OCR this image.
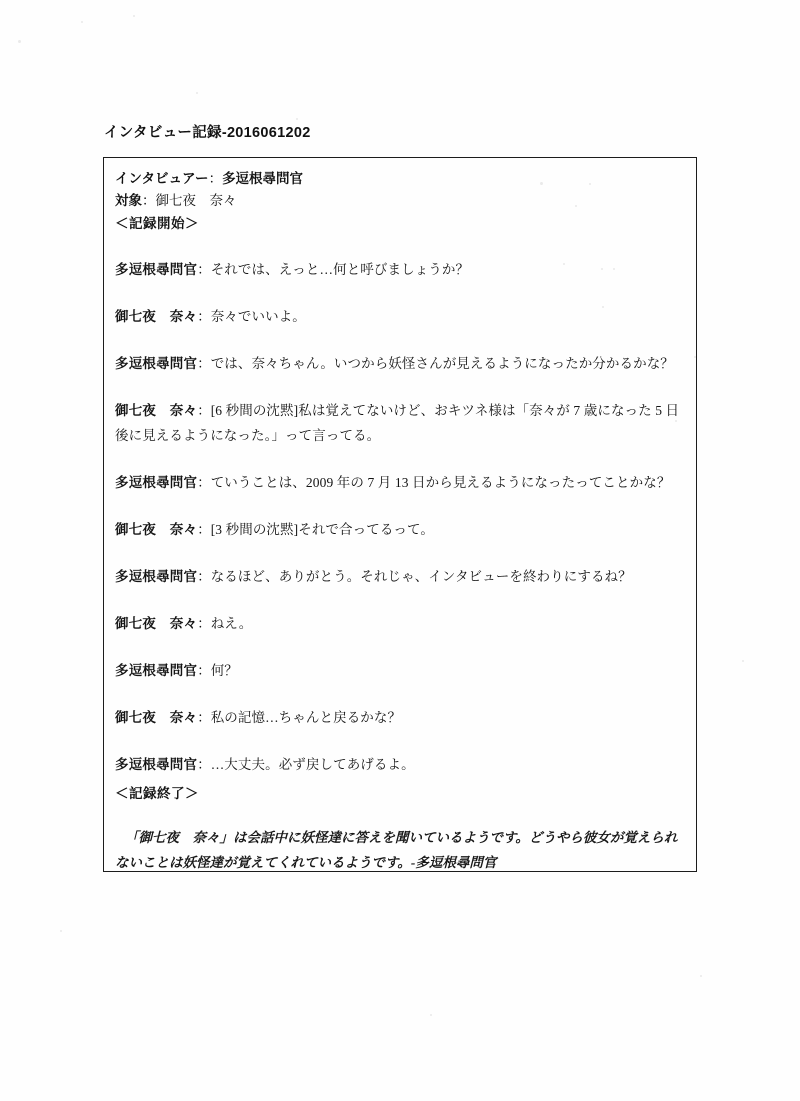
インタビュー記録-2016061202
インタビュアー：多逗根尋問官
対象：御七夜　奈々
＜記録開始＞
多逗根尋問官：それでは、えっと…何と呼びましょうか？
御七夜　奈々：奈々でいいよ。
多逗根尋問官：では、奈々ちゃん。いつから妖怪さんが見えるようになったか分かるかな？
御七夜　奈々：[6 秒間の沈黙]私は覚えてないけど、おキツネ様は「奈々が 7 歳になった 5 日後に見えるようになった。」って言ってる。
多逗根尋問官：ていうことは、2009 年の 7 月 13 日から見えるようになったってことかな？
御七夜　奈々：[3 秒間の沈黙]それで合ってるって。
多逗根尋問官：なるほど、ありがとう。それじゃ、インタビューを終わりにするね？
御七夜　奈々：ねえ。
多逗根尋問官：何？
御七夜　奈々：私の記憶…ちゃんと戻るかな？
多逗根尋問官：…大丈夫。必ず戻してあげるよ。
＜記録終了＞
「御七夜　奈々」は会話中に妖怪達に答えを聞いているようです。どうやら彼女が覚えられないことは妖怪達が覚えてくれているようです。-多逗根尋問官
